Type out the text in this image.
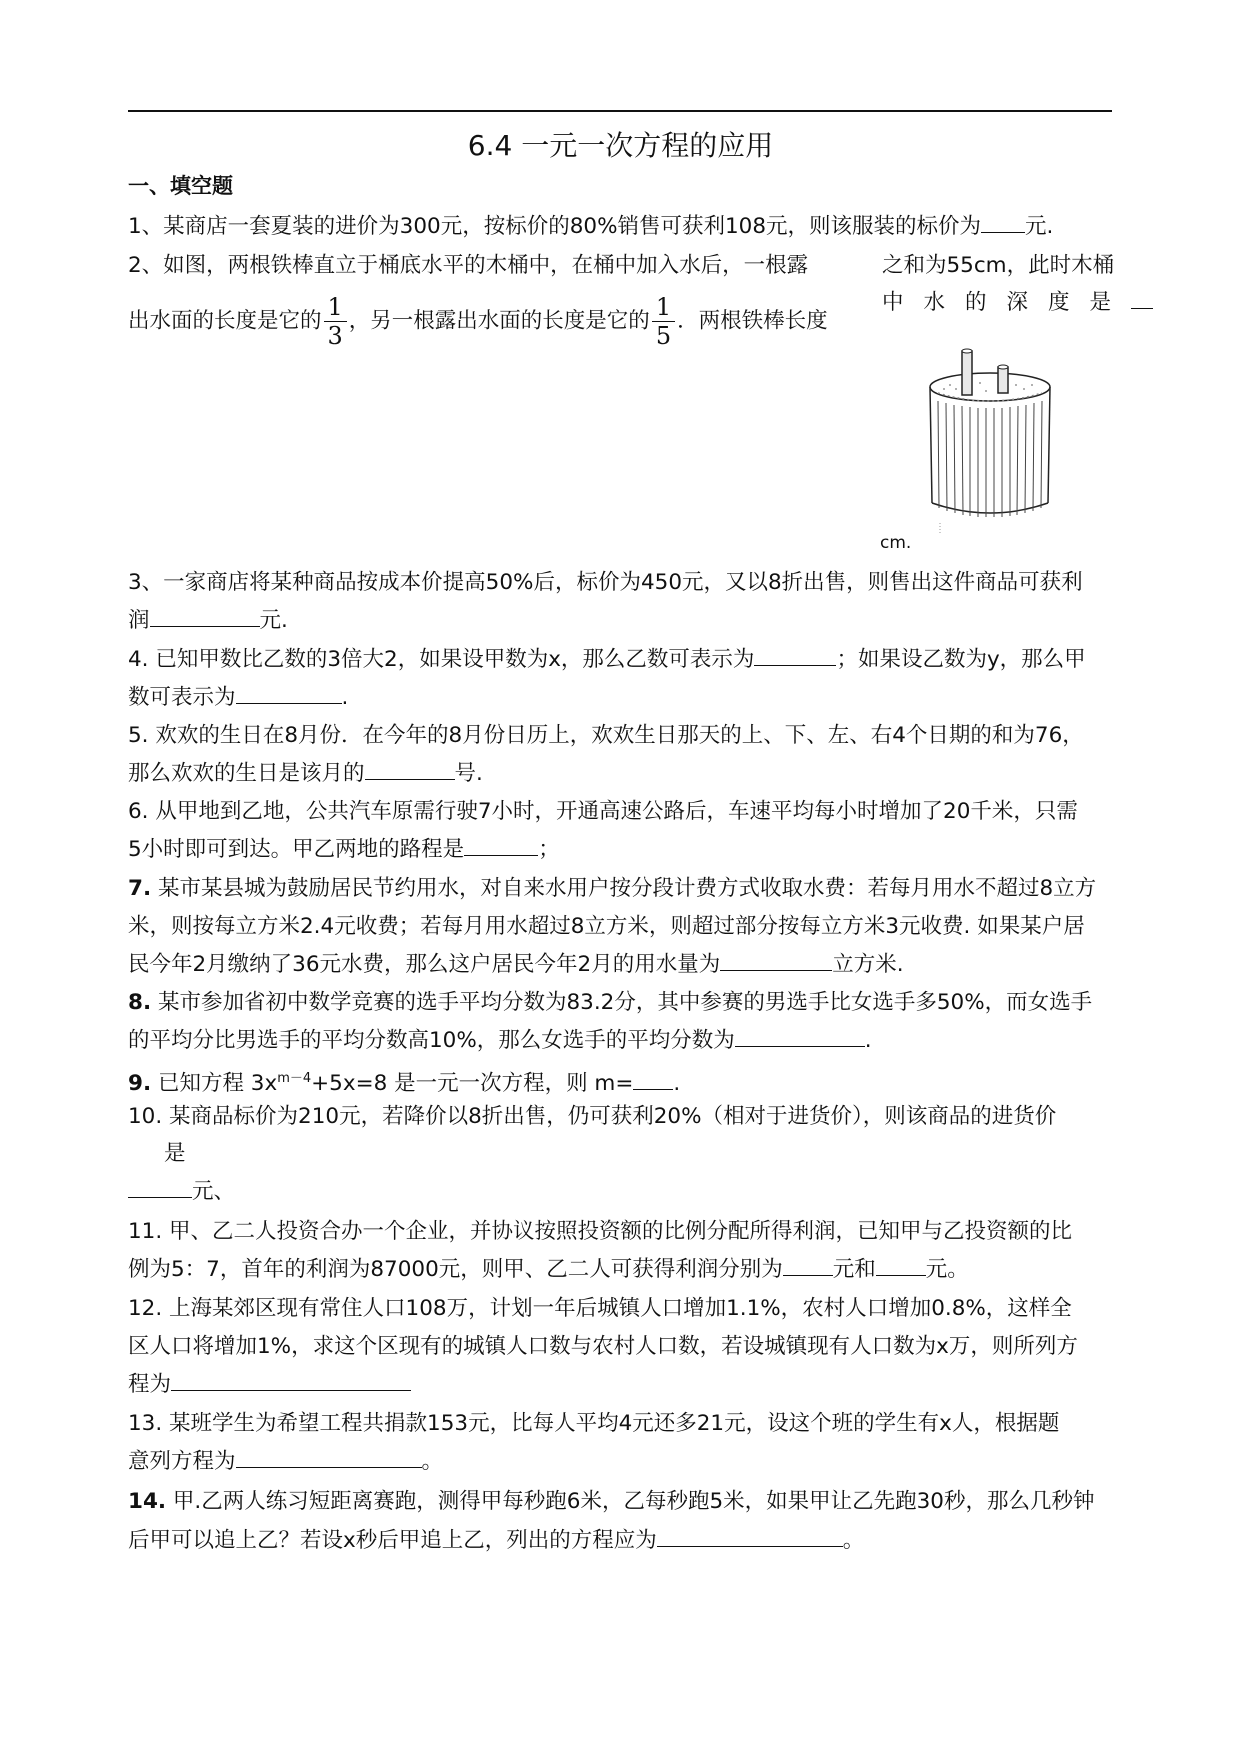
6.4 一元一次方程的应用
一、填空题
1、某商店一套夏装的进价为300元，按标价的80%销售可获利108元，则该服装的标价为 元.
2、如图，两根铁棒直立于桶底水平的木桶中，在桶中加入水后，一根露
出水面的长度是它的 $\frac{1}{3}$ ，另一根露出水面的长度是它的 $\frac{1}{5}$ ．两根铁棒长度
之和为55cm，此时木桶
中水的深度是
cm.
3、一家商店将某种商品按成本价提高50%后，标价为450元，又以8折出售，则售出这件商品可获利
润	元.
4. 已知甲数比乙数的3倍大2，如果设甲数为x，那么乙数可表示为	；如果设乙数为y，那么甲
数可表示为	.
5. 欢欢的生日在8月份．在今年的8月份日历上，欢欢生日那天的上、下、左、右4个日期的和为76，
那么欢欢的生日是该月的	号.
6. 从甲地到乙地，公共汽车原需行驶7小时，开通高速公路后，车速平均每小时增加了20千米，只需
5小时即可到达。甲乙两地的路程是	；
7. 某市某县城为鼓励居民节约用水，对自来水用户按分段计费方式收取水费：若每月用水不超过8立方
米，则按每立方米2.4元收费；若每月用水超过8立方米，则超过部分按每立方米3元收费. 如果某户居
民今年2月缴纳了36元水费，那么这户居民今年2月的用水量为	立方米.
8. 某市参加省初中数学竞赛的选手平均分数为83.2分，其中参赛的男选手比女选手多50%，而女选手
的平均分比男选手的平均分数高10%，那么女选手的平均分数为	.
9. 已知方程 $3x^{m-4}+5x=8$ 是一元一次方程，则 m= .
10. 某商品标价为210元，若降价以8折出售，仍可获利20%（相对于进货价），则该商品的进货价
是
元、
11. 甲、乙二人投资合办一个企业，并协议按照投资额的比例分配所得利润，已知甲与乙投资额的比
例为5：7，首年的利润为87000元，则甲、乙二人可获得利润分别为 元和 元。
12. 上海某郊区现有常住人口108万，计划一年后城镇人口增加1.1%，农村人口增加0.8%，这样全
区人口将增加1%，求这个区现有的城镇人口数与农村人口数，若设城镇现有人口数为x万，则所列方
程为
13. 某班学生为希望工程共捐款153元，比每人平均4元还多21元，设这个班的学生有x人，根据题
意列方程为	。
14. 甲.乙两人练习短距离赛跑，测得甲每秒跑6米，乙每秒跑5米，如果甲让乙先跑30秒，那么几秒钟
后甲可以追上乙？若设x秒后甲追上乙，列出的方程应为	。
